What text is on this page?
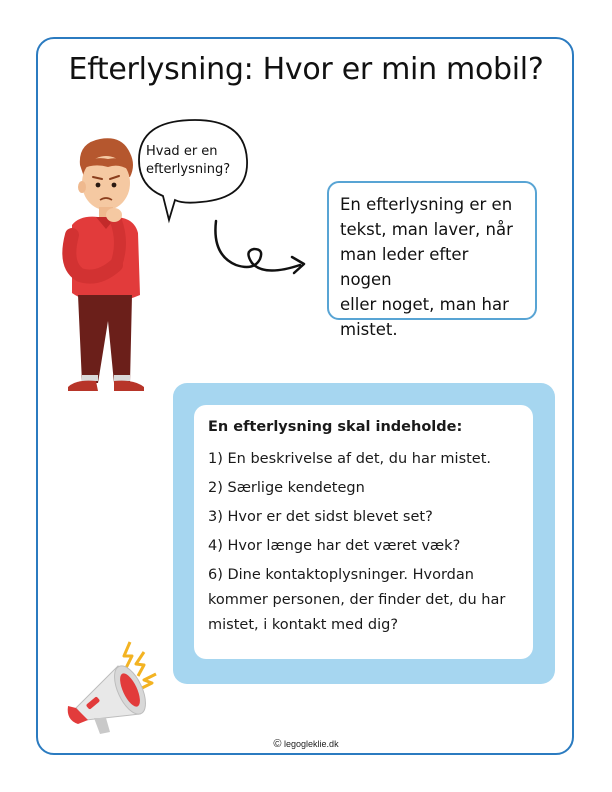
Efterlysning: Hvor er min mobil?
Hvad er en
efterlysning?
En efterlysning er en
tekst, man laver, når
man leder efter nogen
eller noget, man har
mistet.
En efterlysning skal indeholde:
1) En beskrivelse af det, du har mistet.
2) Særlige kendetegn
3) Hvor er det sidst blevet set?
4) Hvor længe har det været væk?
6) Dine kontaktoplysninger. Hvordan
kommer personen, der finder det, du har
mistet, i kontakt med dig?
© legogleklie.dk
